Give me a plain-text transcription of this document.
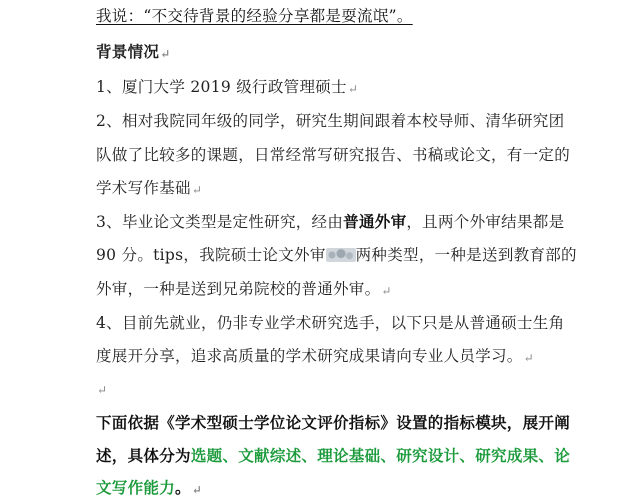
我说：“不交待背景的经验分享都是耍流氓”。
背景情况↵
1、厦门大学 2019 级行政管理硕士↵
2、相对我院同年级的同学，研究生期间跟着本校导师、清华研究团
队做了比较多的课题，日常经常写研究报告、书稿或论文，有一定的
学术写作基础↵
3、毕业论文类型是定性研究，经由普通外审，且两个外审结果都是
90 分。tips，我院硕士论文外审 两种类型，一种是送到教育部的
外审，一种是送到兄弟院校的普通外审。↵
4、目前先就业，仍非专业学术研究选手，以下只是从普通硕士生角
度展开分享，追求高质量的学术研究成果请向专业人员学习。↵
↵
下面依据《学术型硕士学位论文评价指标》设置的指标模块，展开阐
述，具体分为选题、文献综述、理论基础、研究设计、研究成果、论
文写作能力。↵
